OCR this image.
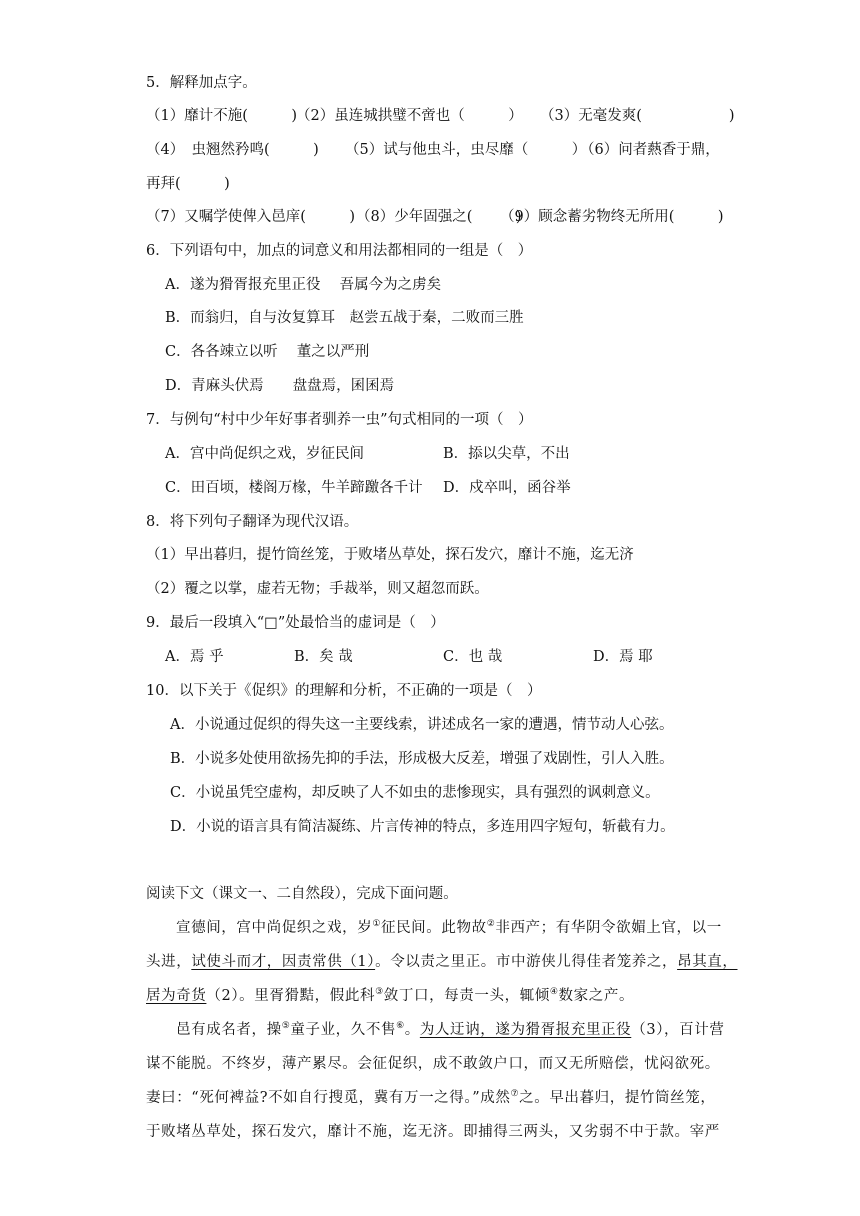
5．解释加点字。
（1）靡计不施(　　　)
（2）虽连城拱璧不啻也（　　　） （3）无毫发爽(　　　　　　)
（4）　虫翘然矜鸣(　　　) （5）试与他虫斗，虫尽靡（　　　）
（6）问者爇香于鼎，
再拜(　　　)
（7）又嘱学使俾入邑庠(　　　) （8）少年固强之(　　　)
（9）顾念蓄劣物终无所用(　　　)
6．下列语句中，加点的词意义和用法都相同的一组是（　）
A．遂为猾胥报充里正役　 吾属今为之虏矣
B．而翁归，自与汝复算耳　赵尝五战于秦，二败而三胜
C．各各竦立以听　 董之以严刑
D．青麻头伏焉　　盘盘焉，囷囷焉
7．与例句“村中少年好事者驯养一虫”句式相同的一项（　）
A．宫中尚促织之戏，岁征民间	B．掭以尖草，不出
C．田百顷，楼阁万椽，牛羊蹄躈各千计 D．戍卒叫，函谷举
8．将下列句子翻译为现代汉语。
（1）早出暮归，提竹筒丝笼，于败堵丛草处，探石发穴，靡计不施，迄无济
（2）覆之以掌，虚若无物；手裁举，则又超忽而跃。
9．最后一段填入“□”处最恰当的虚词是（　）
A．焉 乎	B．矣 哉	C．也 哉	D．焉 耶
10．以下关于《促织》的理解和分析，不正确的一项是（　）
A．小说通过促织的得失这一主要线索，讲述成名一家的遭遇，情节动人心弦。
B．小说多处使用欲扬先抑的手法，形成极大反差，增强了戏剧性，引人入胜。
C．小说虽凭空虚构，却反映了人不如虫的悲惨现实，具有强烈的讽刺意义。
D．小说的语言具有简洁凝练、片言传神的特点，多连用四字短句，斩截有力。
阅读下文（课文一、二自然段），完成下面问题。
宣德间，宫中尚促织之戏，岁①征民间。此物故②非西产；有华阴令欲媚上官，以一
头进，试使斗而才，因责常供（1）。令以责之里正。市中游侠儿得佳者笼养之，昂其直，
居为奇货（2）。里胥猾黠，假此科③敛丁口，每责一头，辄倾④数家之产。
邑有成名者，操⑤童子业，久不售⑥。为人迂讷，遂为猾胥报充里正役（3），百计营
谋不能脱。不终岁，薄产累尽。会征促织，成不敢敛户口，而又无所赔偿，忧闷欲死。
妻曰：“死何裨益?不如自行搜觅，冀有万一之得。”成然⑦之。早出暮归，提竹筒丝笼，
于败堵丛草处，探石发穴，靡计不施，迄无济。即捕得三两头，又劣弱不中于款。宰严
